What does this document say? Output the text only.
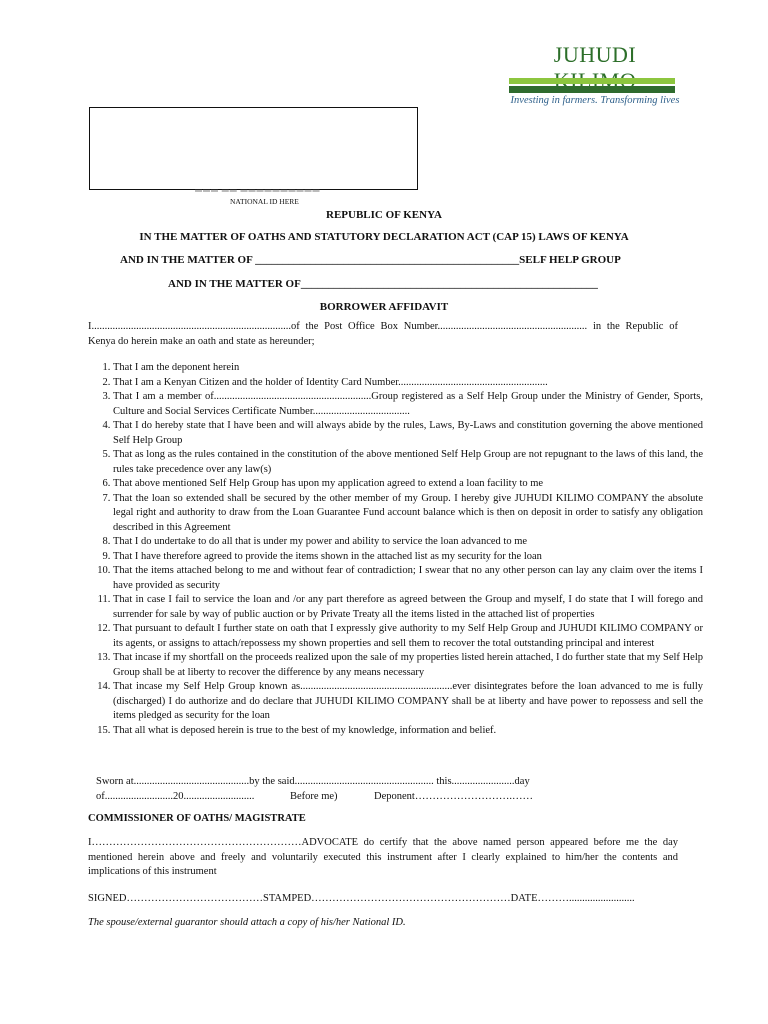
JUHUDI
Investing in farmers. Transforming lives
▬▬▬ ▬▬ ▬▬▬▬▬▬▬▬▬▬
NATIONAL ID HERE
REPUBLIC OF KENYA
IN THE MATTER OF OATHS AND STATUTORY DECLARATION ACT (CAP 15) LAWS OF KENYA
AND IN THE MATTER OF ________________________________________________SELF HELP GROUP
AND IN THE MATTER OF______________________________________________________
BORROWER AFFIDAVIT
I............................................................................of the Post Office Box Number......................................................... in the Republic of Kenya do herein make an oath and state as hereunder;
1. That I am the deponent herein
2. That I am a Kenyan Citizen and the holder of Identity Card Number.........................................................
3. That I am a member of............................................................Group registered as a Self Help Group under the Ministry of Gender, Sports, Culture and Social Services Certificate Number.....................................
4. That I do hereby state that I have been and will always abide by the rules, Laws, By-Laws and constitution governing the above mentioned Self Help Group
5. That as long as the rules contained in the constitution of the above mentioned Self Help Group are not repugnant to the laws of this land, the rules take precedence over any law(s)
6. That above mentioned Self Help Group has upon my application agreed to extend a loan facility to me
7. That the loan so extended shall be secured by the other member of my Group. I hereby give JUHUDI KILIMO COMPANY the absolute legal right and authority to draw from the Loan Guarantee Fund account balance which is then on deposit in order to satisfy any obligation described in this Agreement
8. That I do undertake to do all that is under my power and ability to service the loan advanced to me
9. That I have therefore agreed to provide the items shown in the attached list as my security for the loan
10. That the items attached belong to me and without fear of contradiction; I swear that no any other person can lay any claim over the items I have provided as security
11. That in case I fail to service the loan and /or any part therefore as agreed between the Group and myself, I do state that I will forego and surrender for sale by way of public auction or by Private Treaty all the items listed in the attached list of properties
12. That pursuant to default I further state on oath that I expressly give authority to my Self Help Group and JUHUDI KILIMO COMPANY or its agents, or assigns to attach/repossess my shown properties and sell them to recover the total outstanding principal and interest
13. That incase if my shortfall on the proceeds realized upon the sale of my properties listed herein attached, I do further state that my Self Help Group shall be at liberty to recover the difference by any means necessary
14. That incase my Self Help Group known as..........................................................ever disintegrates before the loan advanced to me is fully (discharged) I do authorize and do declare that JUHUDI KILIMO COMPANY shall be at liberty and have power to repossess and sell the items pledged as security for the loan
15. That all what is deposed herein is true to the best of my knowledge, information and belief.
Sworn at............................................by the said..................................................... this........................day
of..........................20...........................	Before me)	Deponent……………………….……
COMMISSIONER OF OATHS/ MAGISTRATE
I……………………………………………………ADVOCATE do certify that the above named person appeared before me the day mentioned herein above and freely and voluntarily executed this instrument after I clearly explained to him/her the contents and implications of this instrument
SIGNED…………………………………STAMPED…………………………………………………DATE……….........................
The spouse/external guarantor should attach a copy of his/her National ID.
